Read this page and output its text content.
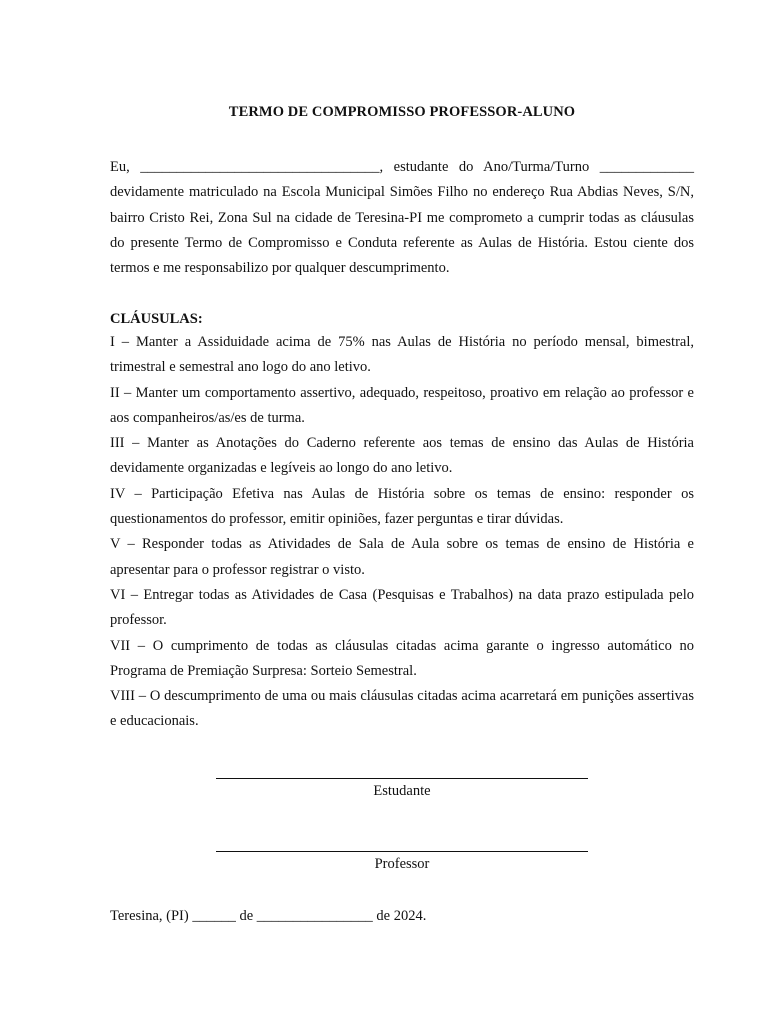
TERMO DE COMPROMISSO PROFESSOR-ALUNO

Eu, _________________________________, estudante do Ano/Turma/Turno _____________ devidamente matriculado na Escola Municipal Simões Filho no endereço Rua Abdias Neves, S/N, bairro Cristo Rei, Zona Sul na cidade de Teresina-PI me comprometo a cumprir todas as cláusulas do presente Termo de Compromisso e Conduta referente as Aulas de História. Estou ciente dos termos e me responsabilizo por qualquer descumprimento.

CLÁUSULAS:

I – Manter a Assiduidade acima de 75% nas Aulas de História no período mensal, bimestral, trimestral e semestral ano logo do ano letivo.

II – Manter um comportamento assertivo, adequado, respeitoso, proativo em relação ao professor e aos companheiros/as/es de turma.

III – Manter as Anotações do Caderno referente aos temas de ensino das Aulas de História devidamente organizadas e legíveis ao longo do ano letivo.

IV – Participação Efetiva nas Aulas de História sobre os temas de ensino: responder os questionamentos do professor, emitir opiniões, fazer perguntas e tirar dúvidas.

V – Responder todas as Atividades de Sala de Aula sobre os temas de ensino de História e apresentar para o professor registrar o visto.

VI – Entregar todas as Atividades de Casa (Pesquisas e Trabalhos) na data prazo estipulada pelo professor.

VII – O cumprimento de todas as cláusulas citadas acima garante o ingresso automático no Programa de Premiação Surpresa: Sorteio Semestral.

VIII – O descumprimento de uma ou mais cláusulas citadas acima acarretará em punições assertivas e educacionais.

Estudante
Professor
Teresina, (PI) ______ de ________________ de 2024.
